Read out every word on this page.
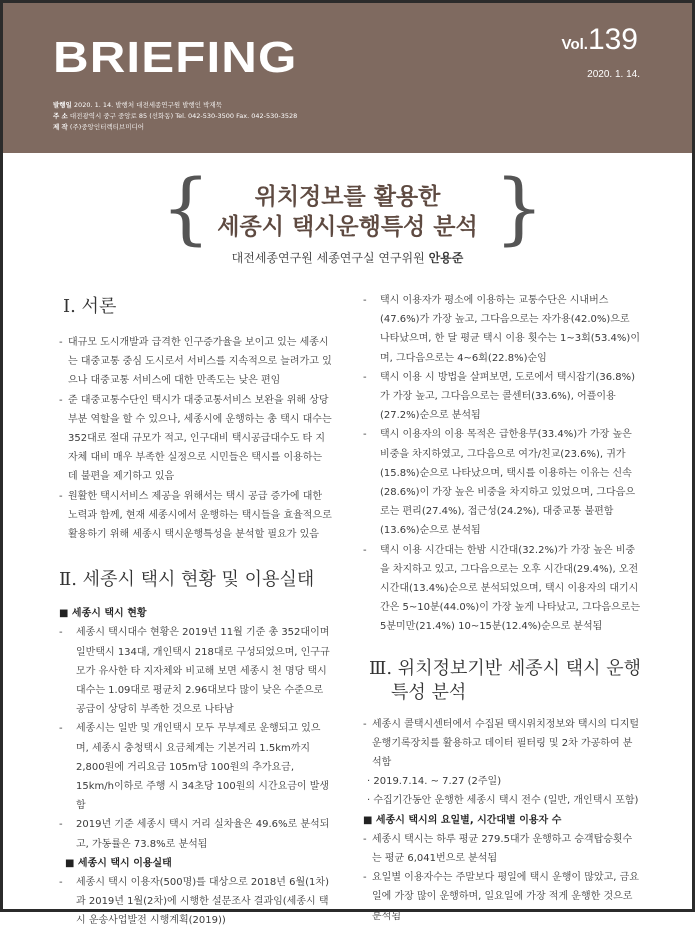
BRIEFING	Vol.139
2020. 1. 14.
발행일 2020. 1. 14. 발행처 대전세종연구원 발행인 박재묵
주 소 대전광역시 중구 중앙로 85 (선화동) Tel. 042-530-3500 Fax. 042-530-3528
제 작 (주)중앙인터렉티브미디어
{	}
위치정보를 활용한
세종시 택시운행특성 분석
대전세종연구원 세종연구실 연구위원 안용준
Ⅰ. 서론
- 대규모 도시개발과 급격한 인구증가율을 보이고 있는 세종시는 대중교통 중심 도시로서 서비스를 지속적으로 늘려가고 있으나 대중교통 서비스에 대한 만족도는 낮은 편임
- 준 대중교통수단인 택시가 대중교통서비스 보완을 위해 상당 부분 역할을 할 수 있으나, 세종시에 운행하는 총 택시 대수는 352대로 절대 규모가 적고, 인구대비 택시공급대수도 타 지자체 대비 매우 부족한 실정으로 시민들은 택시를 이용하는 데 불편을 제기하고 있음
- 원활한 택시서비스 제공을 위해서는 택시 공급 증가에 대한 노력과 함께, 현재 세종시에서 운행하는 택시들을 효율적으로 활용하기 위해 세종시 택시운행특성을 분석할 필요가 있음
Ⅱ. 세종시 택시 현황 및 이용실태
■ 세종시 택시 현황
-	세종시 택시대수 현황은 2019년 11월 기준 총 352대이며 일반택시 134대, 개인택시 218대로 구성되었으며, 인구규모가 유사한 타 지자체와 비교해 보면 세종시 천 명당 택시 대수는 1.09대로 평균치 2.96대보다 많이 낮은 수준으로 공급이 상당히 부족한 것으로 나타남
-	세종시는 일반 및 개인택시 모두 무부제로 운행되고 있으며, 세종시 충청택시 요금체계는 기본거리 1.5km까지 2,800원에 거리요금 105m당 100원의 추가요금, 15km/h이하로 주행 시 34초당 100원의 시간요금이 발생함
-	2019년 기준 세종시 택시 거리 실차율은 49.6%로 분석되고, 가동률은 73.8%로 분석됨
■ 세종시 택시 이용실태
-	세종시 택시 이용자(500명)를 대상으로 2018년 6월(1차)과 2019년 1월(2차)에 시행한 설문조사 결과임(세종시 택시 운송사업발전 시행계획(2019))
-	택시 이용자가 평소에 이용하는 교통수단은 시내버스(47.6%)가 가장 높고, 그다음으로는 자가용(42.0%)으로 나타났으며, 한 달 평균 택시 이용 횟수는 1~3회(53.4%)이며, 그다음으로는 4~6회(22.8%)순임
-	택시 이용 시 방법을 살펴보면, 도로에서 택시잡기(36.8%)가 가장 높고, 그다음으로는 콜센터(33.6%), 어플이용(27.2%)순으로 분석됨
-	택시 이용자의 이용 목적은 급한용무(33.4%)가 가장 높은 비중을 차지하였고, 그다음으로 여가/친교(23.6%), 귀가(15.8%)순으로 나타났으며, 택시를 이용하는 이유는 신속(28.6%)이 가장 높은 비중을 차지하고 있었으며, 그다음으로는 편리(27.4%), 접근성(24.2%), 대중교통 불편함(13.6%)순으로 분석됨
-	택시 이용 시간대는 한밤 시간대(32.2%)가 가장 높은 비중을 차지하고 있고, 그다음으로는 오후 시간대(29.4%), 오전 시간대(13.4%)순으로 분석되었으며, 택시 이용자의 대기시간은 5~10분(44.0%)이 가장 높게 나타났고, 그다음으로는 5분미만(21.4%) 10~15분(12.4%)순으로 분석됨
Ⅲ. 위치정보기반 세종시 택시 운행 특성 분석
- 세종시 콜택시센터에서 수집된 택시위치정보와 택시의 디지털 운행기록장치를 활용하고 데이터 필터링 및 2차 가공하여 분석함
· 2019.7.14. ~ 7.27 (2주일)
· 수집기간동안 운행한 세종시 택시 전수 (일반, 개인택시 포함)
■ 세종시 택시의 요일별, 시간대별 이용자 수
- 세종시 택시는 하루 평균 279.5대가 운행하고 승객탑승횟수는 평균 6,041번으로 분석됨
- 요일별 이용자수는 주말보다 평일에 택시 운행이 많았고, 금요일에 가장 많이 운행하며, 일요일에 가장 적게 운행한 것으로 분석됨
